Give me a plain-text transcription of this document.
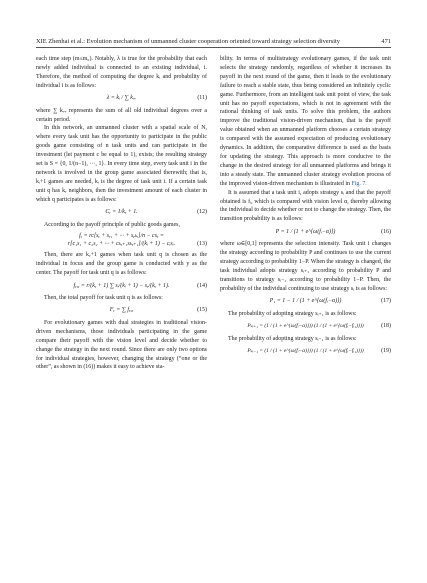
XIE Zhenhai et al.: Evolution mechanism of unmanned cluster cooperation oriented toward strategy selection diversity	471

each time step (m≤m₀). Notably, λ is true for the probability that each newly added individual is connected to an existing individual, i. Therefore, the method of computing the degree kᵢ and probability of individual i is as follows:

λ = kᵢ / ∑ kᵥᵥ	(11)

where ∑ kᵥᵥ represents the sum of all old individual degrees over a certain period.

In this network, an unmanned cluster with a spatial scale of N, where every task unit has the opportunity to participate in the public goods game consisting of n task units and can participate in the investment (let payment c be equal to 1), exists; the resulting strategy set is S = {0, 1/(n−1), ···, 1}. In every time step, every task unit i in the network is involved in the group game associated therewith; that is, kᵢ+1 games are needed, kᵢ is the degree of task unit i. If a certain task unit q has kᵧ neighbors, then the investment amount of each cluster in which q participates is as follows:

Cᵧ = 1/kᵧ + 1.	(12)

According to the payoff principle of public goods games,

fᵧ = rc[sᵧ + sᵧ₁ + ··· + sᵧₖᵧ]/n − csᵧ =
r[c₁s₁ + c₂s₂ + ··· + cₖᵧ₊₁sₖᵧ₊₁]/(kᵢ + 1) − cᵢsᵢ.	(13)

Then, there are kᵧ+1 games when task unit q is chosen as the individual in focus and the group game is conducted with y as the center. The payoff for task unit q is as follows:

fᵧ,ᵧ = r/(kᵧ + 1) ∑ sᵢ/(kᵢ + 1) − sᵧ/(kᵧ + 1).	(14)

Then, the total payoff for task unit q is as follows:

Fᵧ = ∑ fᵧ,ᵧ	(15)

For evolutionary games with dual strategies in traditional vision-driven mechanisms, those individuals participating in the game compare their payoff with the vision level and decide whether to change the strategy in the next round. Since there are only two options for individual strategies, however, changing the strategy (“one or the other”, as shown in (16)) makes it easy to achieve sta-

bility. In terms of multistrategy evolutionary games, if the task unit selects the strategy randomly, regardless of whether it increases its payoff in the next round of the game, then it leads to the evolutionary failure to reach a stable state, thus being considered an infinitely cyclic game. Furthermore, from an intelligent task unit point of view, the task unit has no payoff expectations, which is not in agreement with the rational thinking of task units. To solve this problem, the authors improve the traditional vision-driven mechanism, that is the payoff value obtained when an unmanned platform chooses a certain strategy is compared with the assumed expectation of producing evolutionary dynamics. In addition, the comparative difference is used as the basis for updating the strategy. This approach is more conducive to the change in the desired strategy for all unmanned platforms and brings it into a steady state. The unmanned cluster strategy evolution process of the improved vision-driven mechanism is illustrated in Fig. 7.

It is assumed that a task unit i, adopts strategy sᵢ and that the payoff obtained is fᵢ, which is compared with vision level α, thereby allowing the individual to decide whether or not to change the strategy. Then, the transition probability is as follows:

P = 1 / (1 + e^{ω(fᵢ−α)})	(16)

where ω∈[0,1] represents the selection intensity. Task unit i changes the strategy according to probability P and continues to use the current strategy according to probability 1−P. When the strategy is changed, the task individual adopts strategy sᵢ₊₁ according to probability P and transitions to strategy sᵢ₋₁ according to probability 1−P. Then, the probability of the individual continuing to use strategy sᵢ is as follows:

P₁ = 1 − 1 / (1 + e^{ω(fᵢ−α)})	(17)

The probability of adopting strategy sᵢ₊₁ is as follows:

Pₛᵢ₊₁ = (1 / (1 + e^{ω(fᵢ−α)})) (1 / (1 + e^{ω(fᵢ−fᵢ₁)}))	(18)

The probability of adopting strategy sᵢ₋₁ is as follows:

Pₛᵢ₋₁ = (1 / (1 + e^{ω(fᵢ−α)})) (1 / (1 + e^{ω(fᵢ−fᵢ₁)}))	(19)
